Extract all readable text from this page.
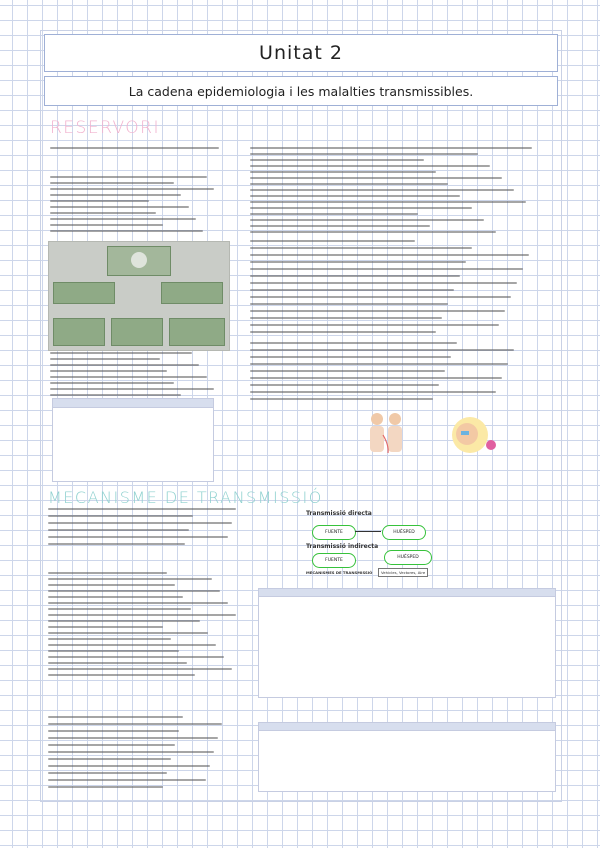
Unitat 2
La cadena epidemiologia i les malalties transmissibles.
RESERVORI
MECANISME DE TRANSMISSIÓ
Transmissió directa
FUENTE	HUÉSPED
Transmissió indirecta
FUENTE
HUÉSPED
MECANISMES DE TRANSMISSIÓ	Vehicles, Vectores, Aire
